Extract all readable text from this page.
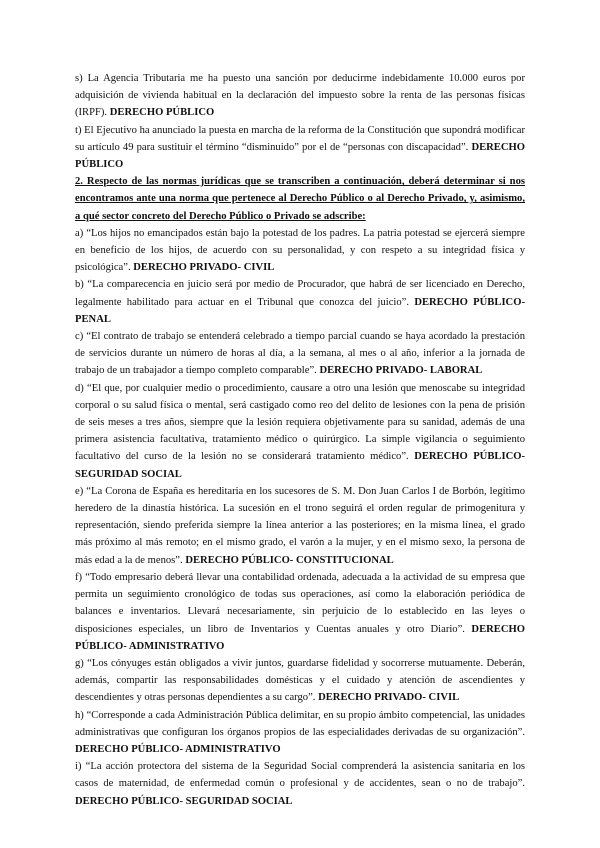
s) La Agencia Tributaria me ha puesto una sanción por deducirme indebidamente 10.000 euros por adquisición de vivienda habitual en la declaración del impuesto sobre la renta de las personas físicas (IRPF). DERECHO PÚBLICO

t) El Ejecutivo ha anunciado la puesta en marcha de la reforma de la Constitución que supondrá modificar su artículo 49 para sustituir el término “disminuido” por el de “personas con discapacidad”. DERECHO PÚBLICO

2. Respecto de las normas jurídicas que se transcriben a continuación, deberá determinar si nos encontramos ante una norma que pertenece al Derecho Público o al Derecho Privado, y, asimismo, a qué sector concreto del Derecho Público o Privado se adscribe:

a) “Los hijos no emancipados están bajo la potestad de los padres. La patria potestad se ejercerá siempre en beneficio de los hijos, de acuerdo con su personalidad, y con respeto a su integridad física y psicológica”. DERECHO PRIVADO- CIVIL

b) “La comparecencia en juicio será por medio de Procurador, que habrá de ser licenciado en Derecho, legalmente habilitado para actuar en el Tribunal que conozca del juicio”. DERECHO PÚBLICO- PENAL

c) “El contrato de trabajo se entenderá celebrado a tiempo parcial cuando se haya acordado la prestación de servicios durante un número de horas al día, a la semana, al mes o al año, inferior a la jornada de trabajo de un trabajador a tiempo completo comparable”. DERECHO PRIVADO- LABORAL

d) “El que, por cualquier medio o procedimiento, causare a otro una lesión que menoscabe su integridad corporal o su salud física o mental, será castigado como reo del delito de lesiones con la pena de prisión de seis meses a tres años, siempre que la lesión requiera objetivamente para su sanidad, además de una primera asistencia facultativa, tratamiento médico o quirúrgico. La simple vigilancia o seguimiento facultativo del curso de la lesión no se considerará tratamiento médico”. DERECHO PÚBLICO- SEGURIDAD SOCIAL

e) “La Corona de España es hereditaria en los sucesores de S. M. Don Juan Carlos I de Borbón, legítimo heredero de la dinastía histórica. La sucesión en el trono seguirá el orden regular de primogenitura y representación, siendo preferida siempre la línea anterior a las posteriores; en la misma línea, el grado más próximo al más remoto; en el mismo grado, el varón a la mujer, y en el mismo sexo, la persona de más edad a la de menos”. DERECHO PÚBLICO- CONSTITUCIONAL

f) “Todo empresario deberá llevar una contabilidad ordenada, adecuada a la actividad de su empresa que permita un seguimiento cronológico de todas sus operaciones, así como la elaboración periódica de balances e inventarios. Llevará necesariamente, sin perjuicio de lo establecido en las leyes o disposiciones especiales, un libro de Inventarios y Cuentas anuales y otro Diario”. DERECHO PÚBLICO- ADMINISTRATIVO

g) “Los cónyuges están obligados a vivir juntos, guardarse fidelidad y socorrerse mutuamente. Deberán, además, compartir las responsabilidades domésticas y el cuidado y atención de ascendientes y descendientes y otras personas dependientes a su cargo”. DERECHO PRIVADO- CIVIL

h) “Corresponde a cada Administración Pública delimitar, en su propio ámbito competencial, las unidades administrativas que configuran los órganos propios de las especialidades derivadas de su organización”. DERECHO PÚBLICO- ADMINISTRATIVO

i) “La acción protectora del sistema de la Seguridad Social comprenderá la asistencia sanitaria en los casos de maternidad, de enfermedad común o profesional y de accidentes, sean o no de trabajo”. DERECHO PÚBLICO- SEGURIDAD SOCIAL
